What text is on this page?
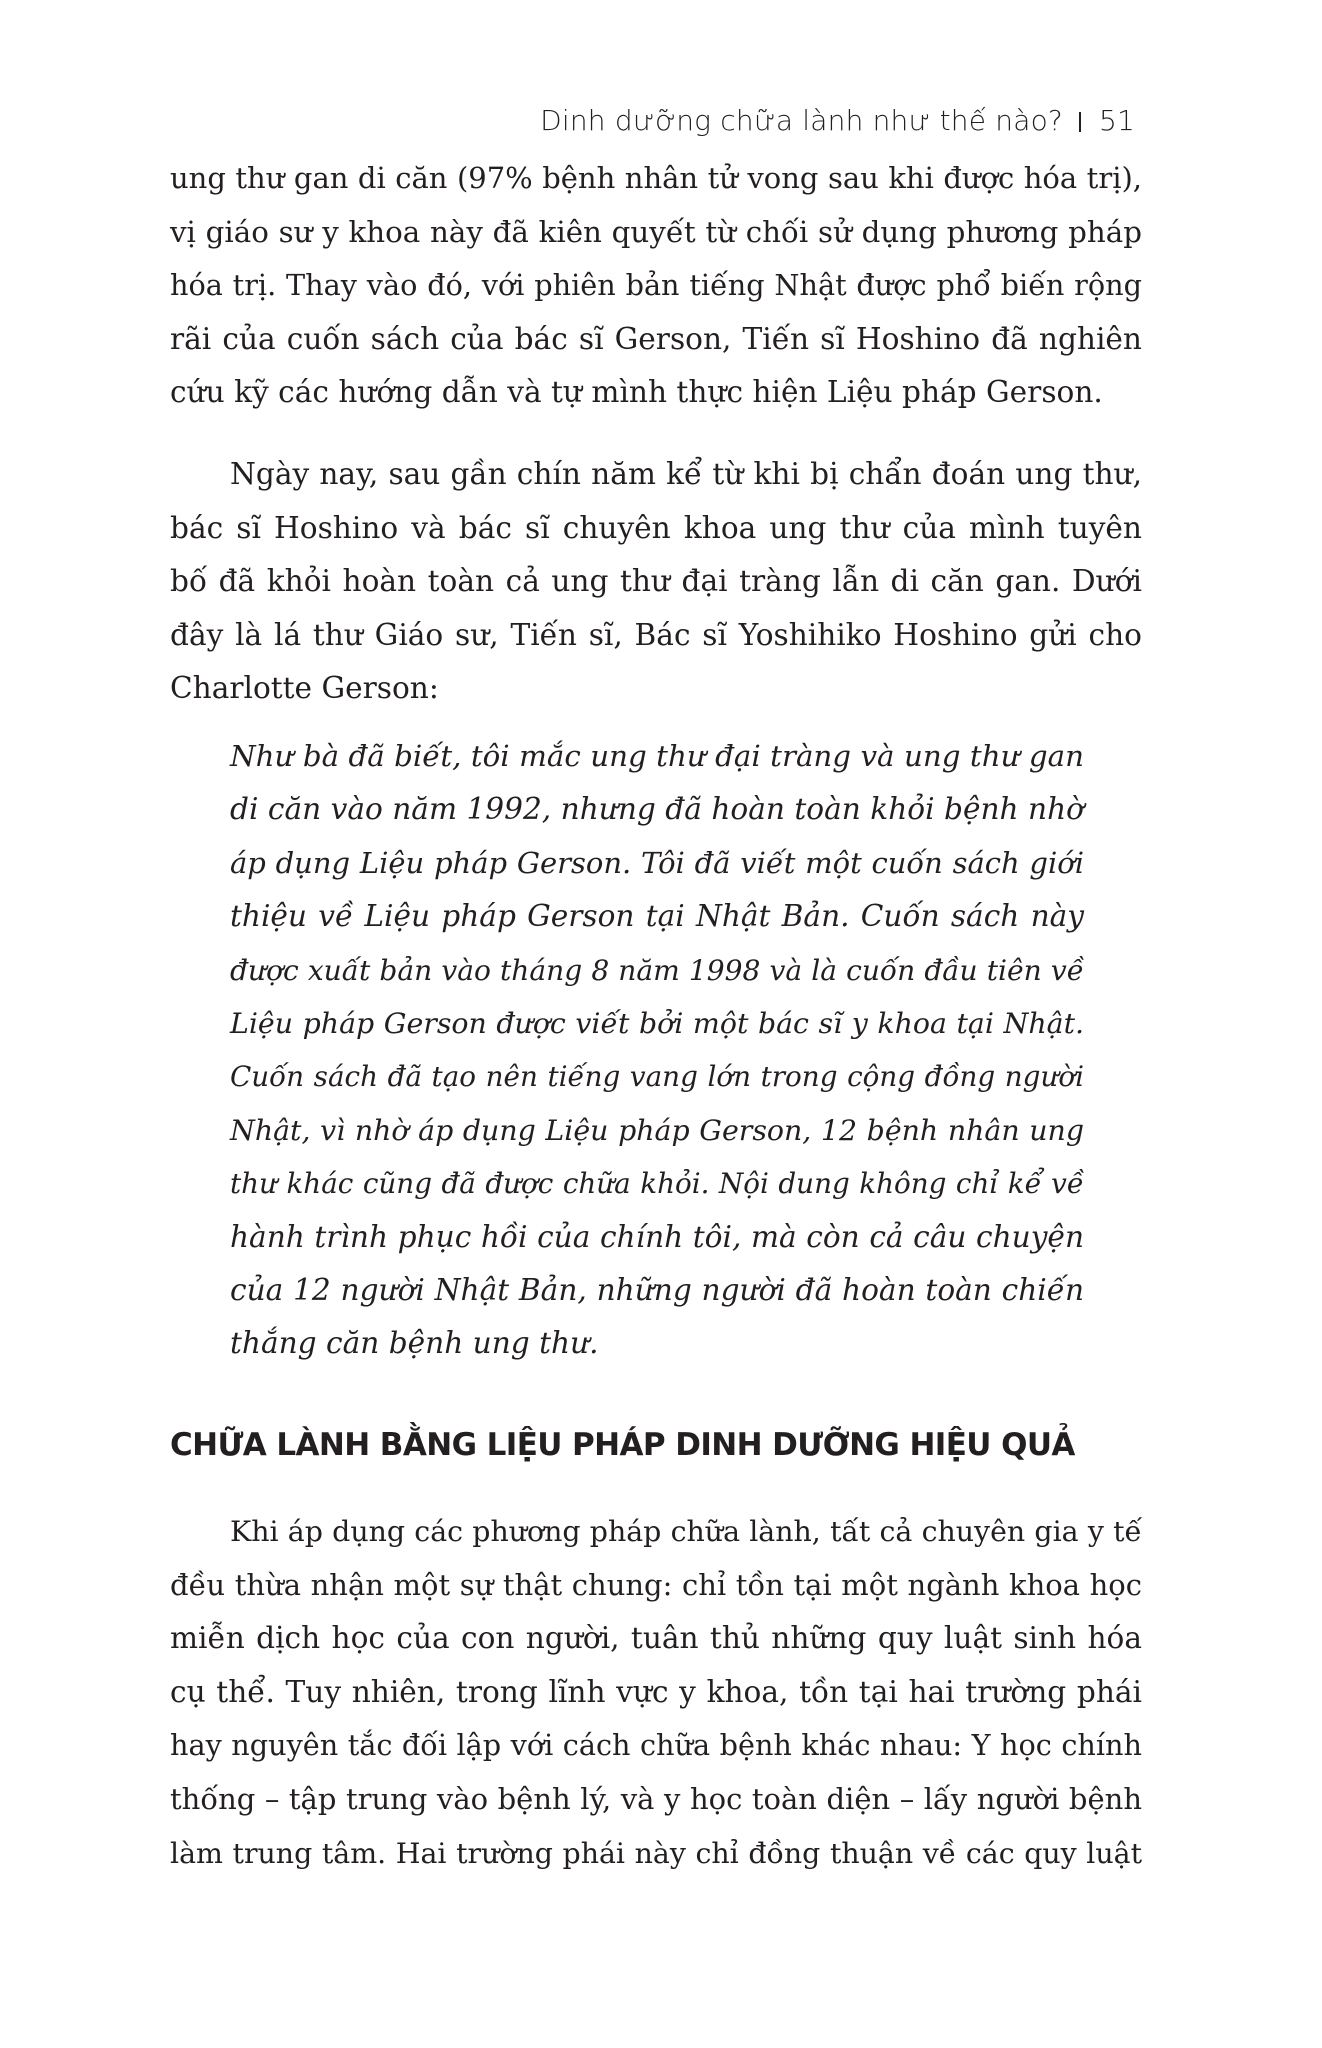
Dinh dưỡng chữa lành như thế nào? 51
ung thư gan di căn (97% bệnh nhân tử vong sau khi được hóa trị),
vị giáo sư y khoa này đã kiên quyết từ chối sử dụng phương pháp
hóa trị. Thay vào đó, với phiên bản tiếng Nhật được phổ biến rộng
rãi của cuốn sách của bác sĩ Gerson, Tiến sĩ Hoshino đã nghiên
cứu kỹ các hướng dẫn và tự mình thực hiện Liệu pháp Gerson.
Ngày nay, sau gần chín năm kể từ khi bị chẩn đoán ung thư,
bác sĩ Hoshino và bác sĩ chuyên khoa ung thư của mình tuyên
bố đã khỏi hoàn toàn cả ung thư đại tràng lẫn di căn gan. Dưới
đây là lá thư Giáo sư, Tiến sĩ, Bác sĩ Yoshihiko Hoshino gửi cho
Charlotte Gerson:
Như bà đã biết, tôi mắc ung thư đại tràng và ung thư gan
di căn vào năm 1992, nhưng đã hoàn toàn khỏi bệnh nhờ
áp dụng Liệu pháp Gerson. Tôi đã viết một cuốn sách giới
thiệu về Liệu pháp Gerson tại Nhật Bản. Cuốn sách này
được xuất bản vào tháng 8 năm 1998 và là cuốn đầu tiên về
Liệu pháp Gerson được viết bởi một bác sĩ y khoa tại Nhật.
Cuốn sách đã tạo nên tiếng vang lớn trong cộng đồng người
Nhật, vì nhờ áp dụng Liệu pháp Gerson, 12 bệnh nhân ung
thư khác cũng đã được chữa khỏi. Nội dung không chỉ kể về
hành trình phục hồi của chính tôi, mà còn cả câu chuyện
của 12 người Nhật Bản, những người đã hoàn toàn chiến
thắng căn bệnh ung thư.
CHỮA LÀNH BẰNG LIỆU PHÁP DINH DƯỠNG HIỆU QUẢ
Khi áp dụng các phương pháp chữa lành, tất cả chuyên gia y tế
đều thừa nhận một sự thật chung: chỉ tồn tại một ngành khoa học
miễn dịch học của con người, tuân thủ những quy luật sinh hóa
cụ thể. Tuy nhiên, trong lĩnh vực y khoa, tồn tại hai trường phái
hay nguyên tắc đối lập với cách chữa bệnh khác nhau: Y học chính
thống – tập trung vào bệnh lý, và y học toàn diện – lấy người bệnh
làm trung tâm. Hai trường phái này chỉ đồng thuận về các quy luật
